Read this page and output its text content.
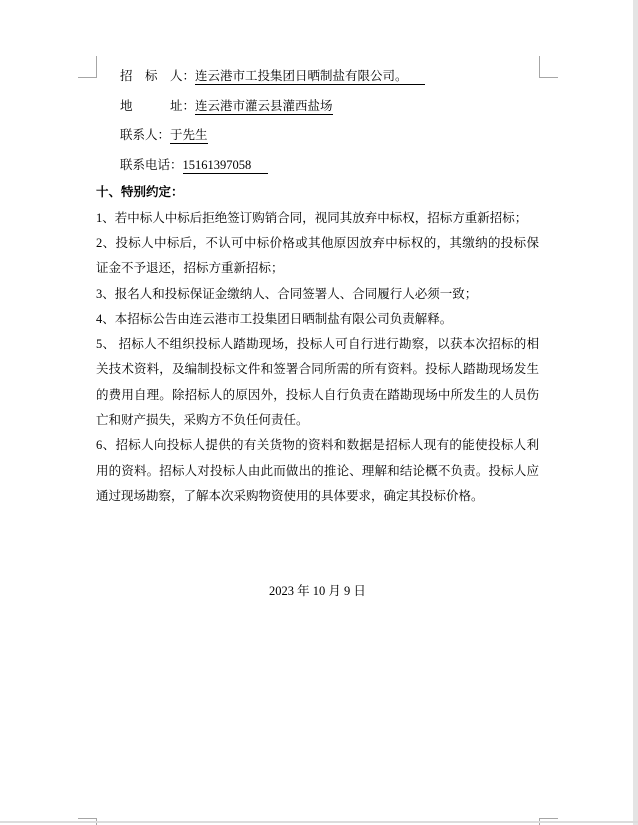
招　标　人：连云港市工投集团日晒制盐有限公司。
地　　　址：连云港市灌云县灌西盐场
联系人：于先生
联系电话：15161397058
十、特别约定：

1、若中标人中标后拒绝签订购销合同，视同其放弃中标权，招标方重新招标；

2、投标人中标后，不认可中标价格或其他原因放弃中标权的，其缴纳的投标保证金不予退还，招标方重新招标；

3、报名人和投标保证金缴纳人、合同签署人、合同履行人必须一致；

4、本招标公告由连云港市工投集团日晒制盐有限公司负责解释。

5、 招标人不组织投标人踏勘现场，投标人可自行进行勘察，以获本次招标的相关技术资料，及编制投标文件和签署合同所需的所有资料。投标人踏勘现场发生的费用自理。除招标人的原因外，投标人自行负责在踏勘现场中所发生的人员伤亡和财产损失，采购方不负任何责任。

6、招标人向投标人提供的有关货物的资料和数据是招标人现有的能使投标人利用的资料。招标人对投标人由此而做出的推论、理解和结论概不负责。投标人应通过现场勘察，了解本次采购物资使用的具体要求，确定其投标价格。

2023 年 10 月 9 日
